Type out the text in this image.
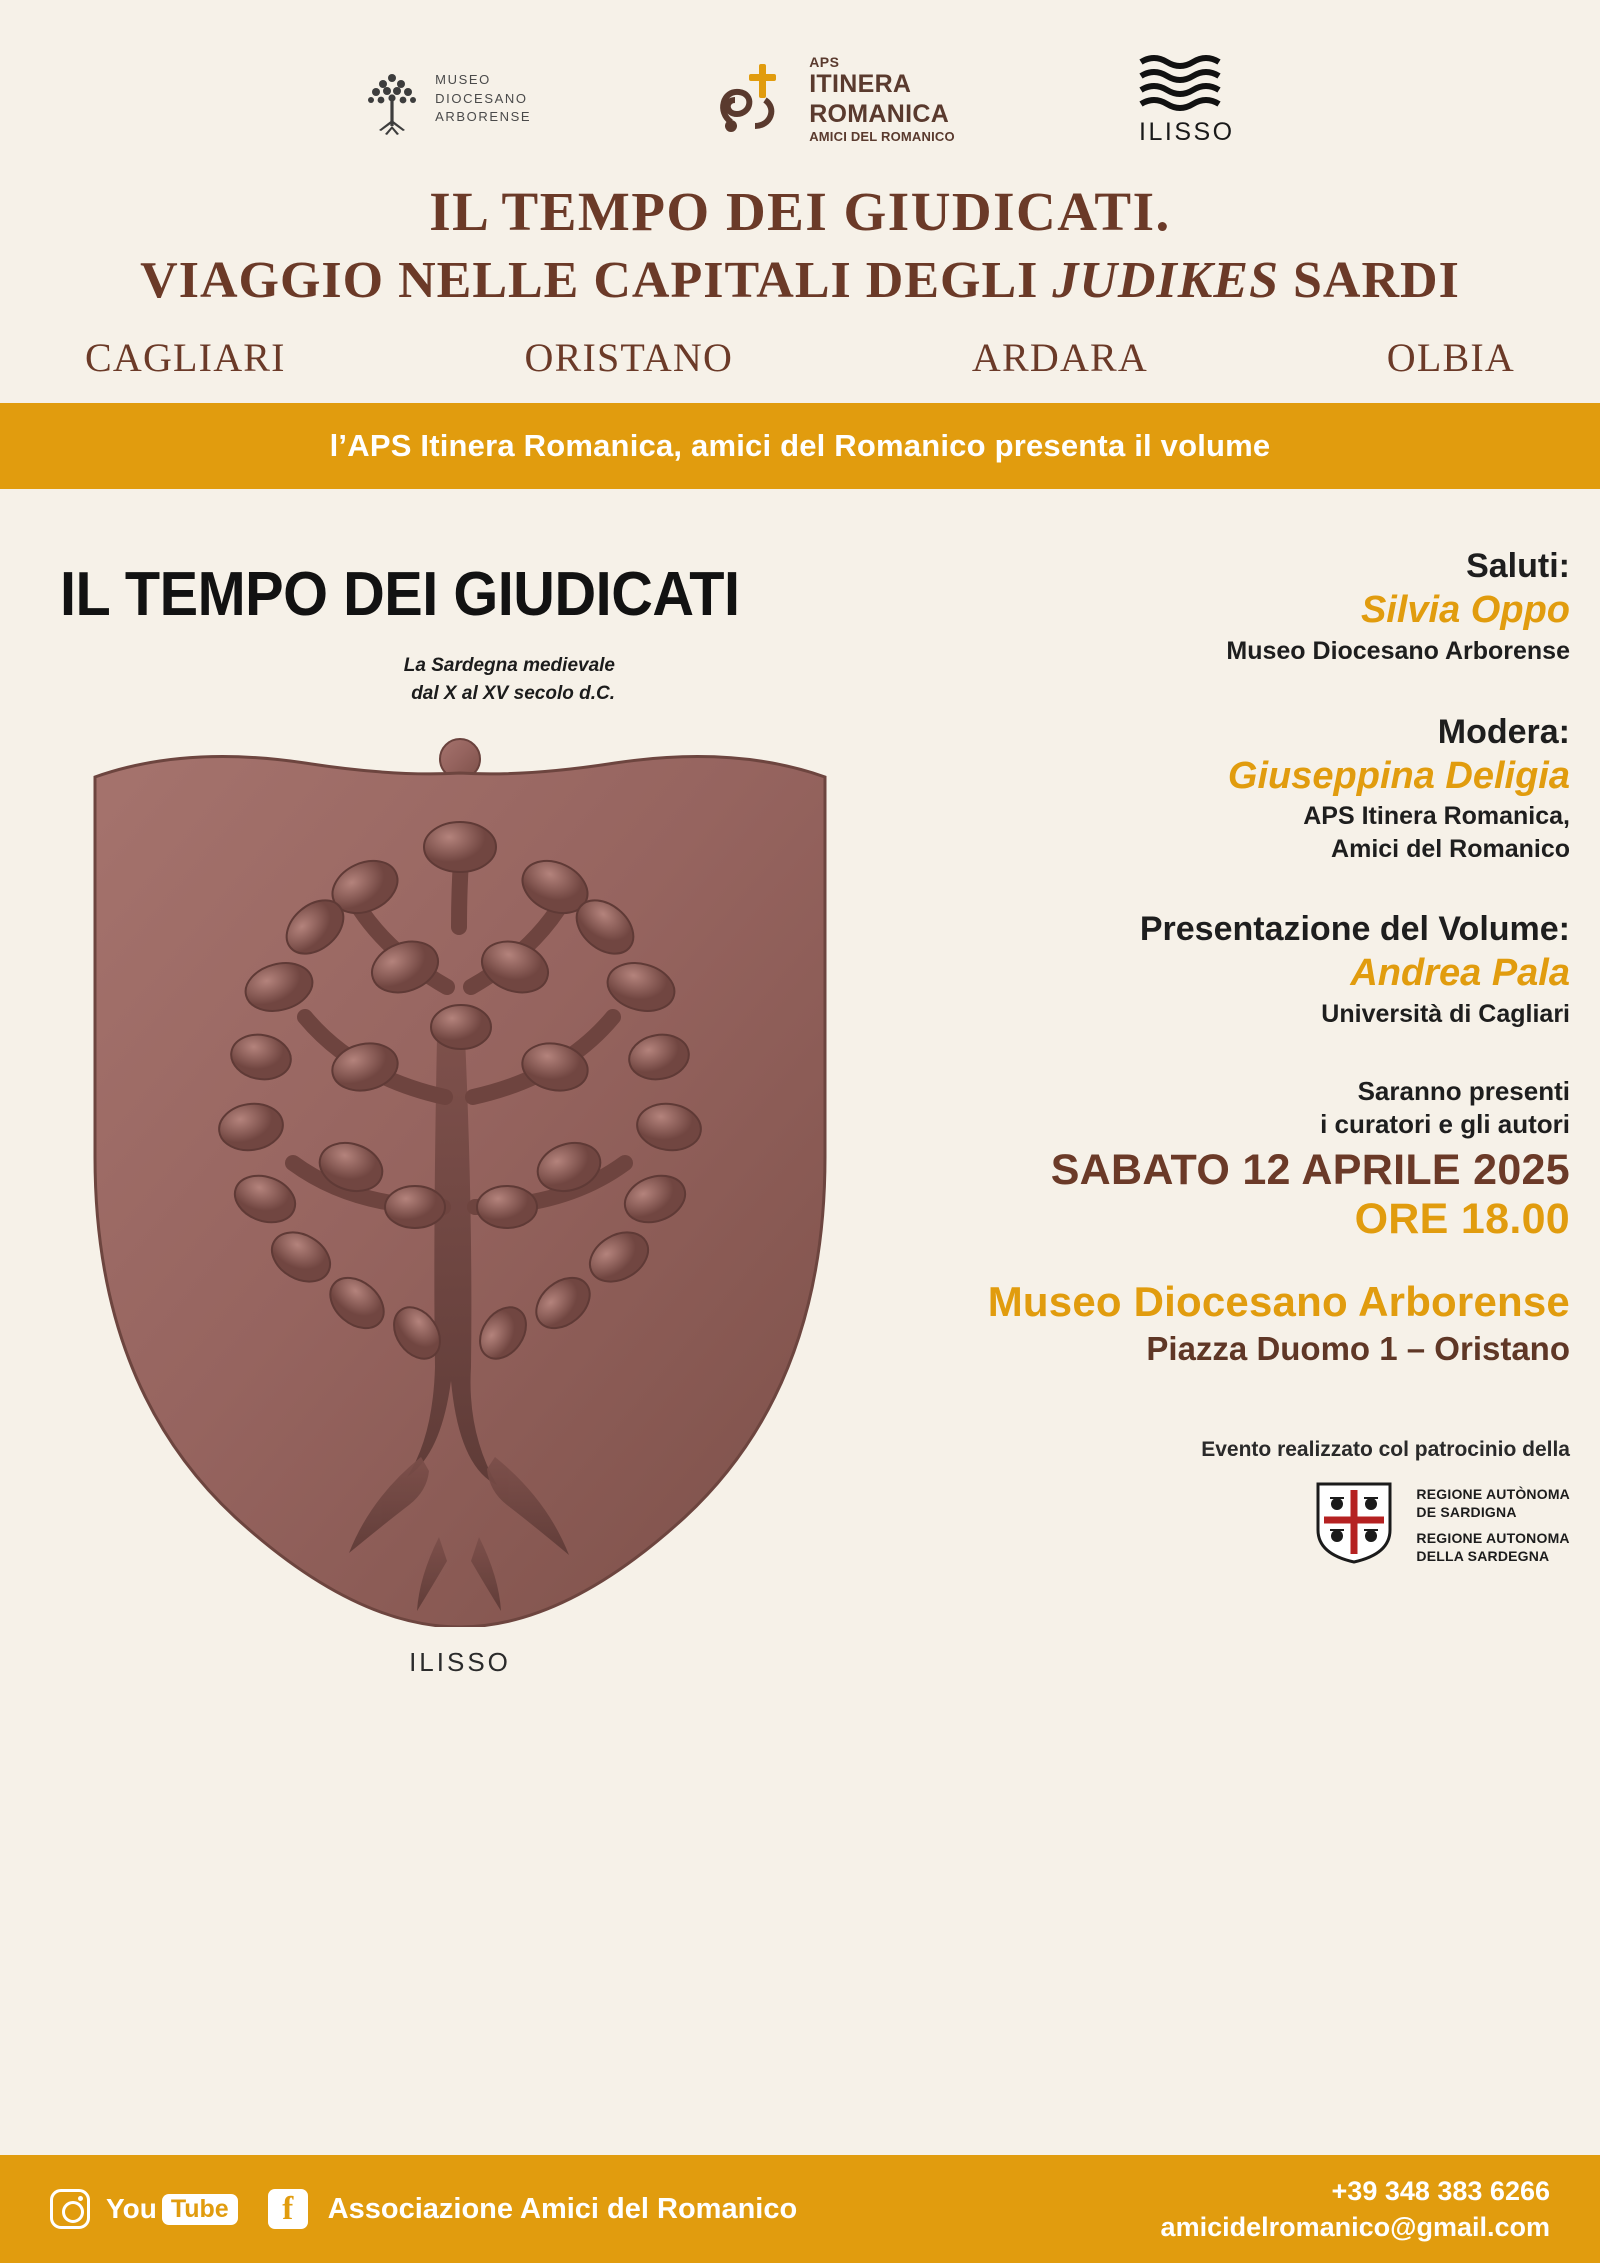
MUSEO
DIOCESANO
ARBORENSE
APS
ITINERA
ROMANICA
AMICI DEL ROMANICO	ILISSO
IL TEMPO DEI GIUDICATI.
VIAGGIO NELLE CAPITALI DEGLI JUDIKES SARDI
CAGLIARI	ORISTANO	ARDARA	OLBIA
l’APS Itinera Romanica, amici del Romanico presenta il volume
IL TEMPO DEI GIUDICATI
La Sardegna medievale
dal X al XV secolo d.C.
ILISSO
Saluti:
Silvia Oppo
Museo Diocesano Arborense
Modera:
Giuseppina Deligia
APS Itinera Romanica,
Amici del Romanico
Presentazione del Volume:
Andrea Pala
Università di Cagliari
Saranno presenti
i curatori e gli autori
SABATO 12 APRILE 2025
ORE 18.00
Museo Diocesano Arborense
Piazza Duomo 1 – Oristano
Evento realizzato col patrocinio della
REGIONE AUTÒNOMA
DE SARDIGNA
REGIONE AUTONOMA
DELLA SARDEGNA
You Tube	f	Associazione Amici del Romanico
+39 348 383 6266
amicidelromanico@gmail.com
